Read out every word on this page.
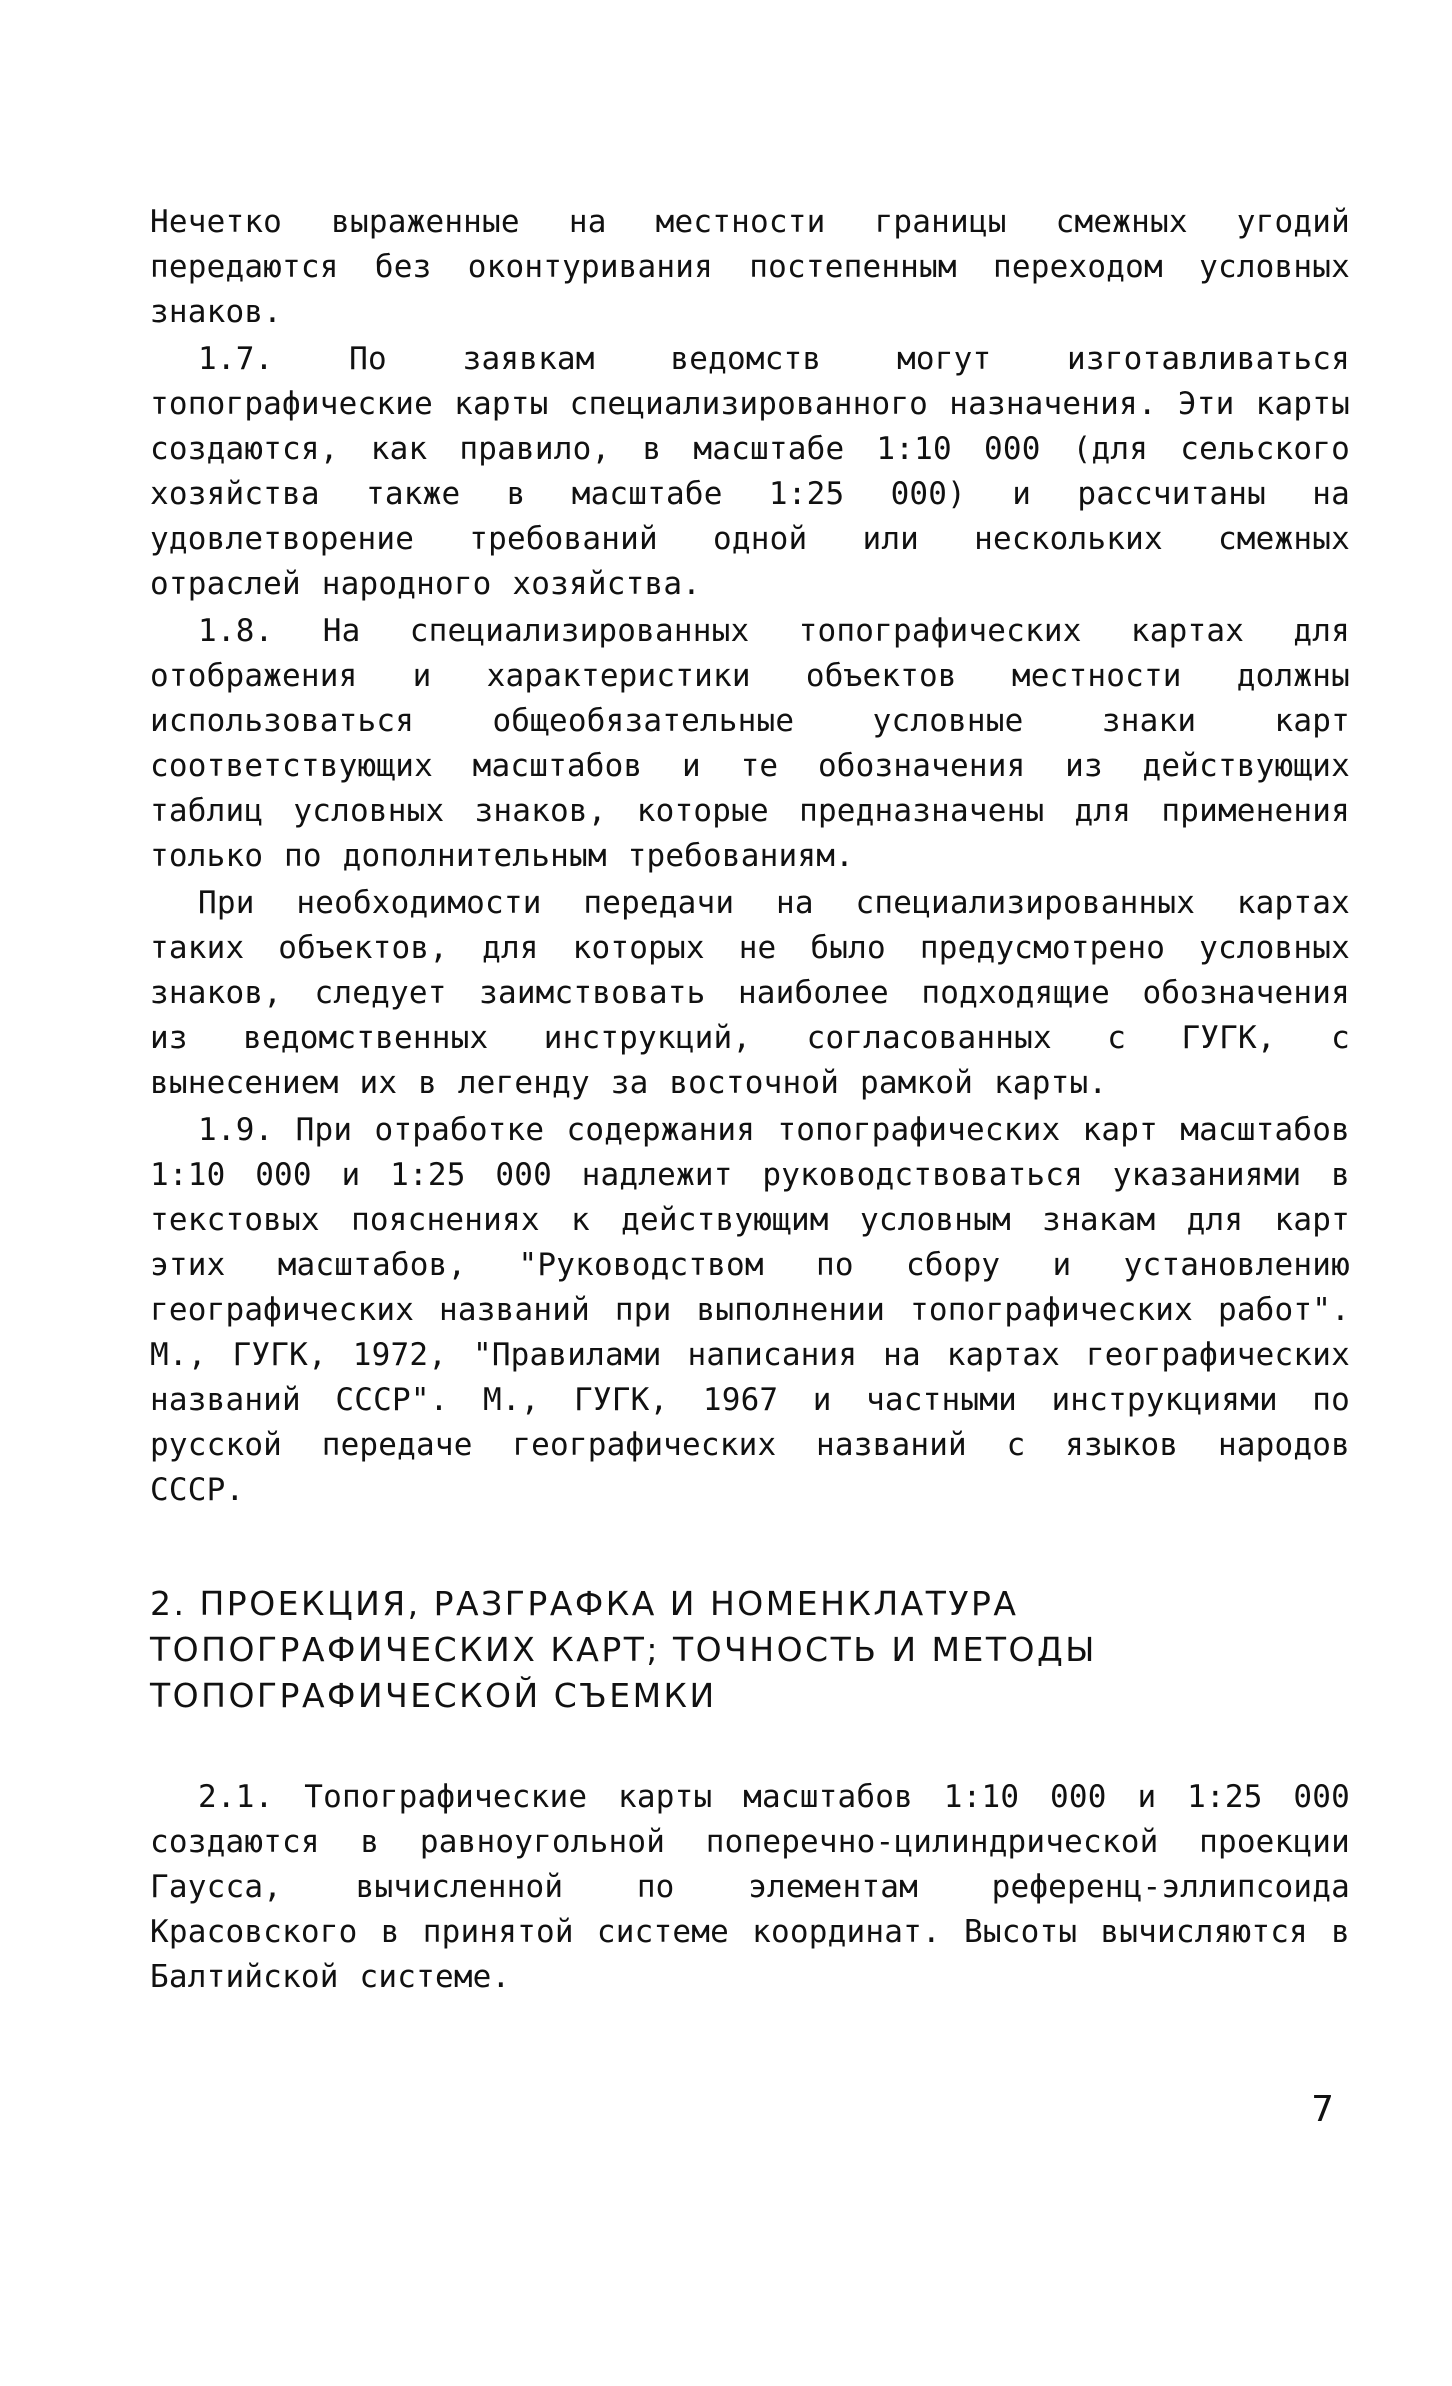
Нечетко выраженные на местности границы смежных угодий передаются без оконтуривания постепенным переходом условных знаков.

1.7. По заявкам ведомств могут изготавливаться топографические карты специализированного назначения. Эти карты создаются, как правило, в масштабе 1:10 000 (для сельского хозяйства также в масштабе 1:25 000) и рассчитаны на удовлетворение требований одной или нескольких смежных отраслей народного хозяйства.

1.8. На специализированных топографических картах для отображения и характеристики объектов местности должны использоваться общеобязательные условные знаки карт соответствующих масштабов и те обозначения из действующих таблиц условных знаков, которые предназначены для применения только по дополнительным требованиям.

При необходимости передачи на специализированных картах таких объектов, для которых не было предусмотрено условных знаков, следует заимствовать наиболее подходящие обозначения из ведомственных инструкций, согласованных с ГУГК, с вынесением их в легенду за восточной рамкой карты.

1.9. При отработке содержания топографических карт масштабов 1:10 000 и 1:25 000 надлежит руководствоваться указаниями в текстовых пояснениях к действующим условным знакам для карт этих масштабов, "Руководством по сбору и установлению географических названий при выполнении топографических работ". М., ГУГК, 1972, "Правилами написания на картах географических названий СССР". М., ГУГК, 1967 и частными инструкциями по русской передаче географических названий с языков народов СССР.

2. ПРОЕКЦИЯ, РАЗГРАФКА И НОМЕНКЛАТУРА
ТОПОГРАФИЧЕСКИХ КАРТ; ТОЧНОСТЬ И МЕТОДЫ
ТОПОГРАФИЧЕСКОЙ СЪЕМКИ

2.1. Топографические карты масштабов 1:10 000 и 1:25 000 создаются в равноугольной поперечно-цилиндрической проекции Гаусса, вычисленной по элементам референц-эллипсоида Красовского в принятой системе координат. Высоты вычисляются в Балтийской системе.

7
